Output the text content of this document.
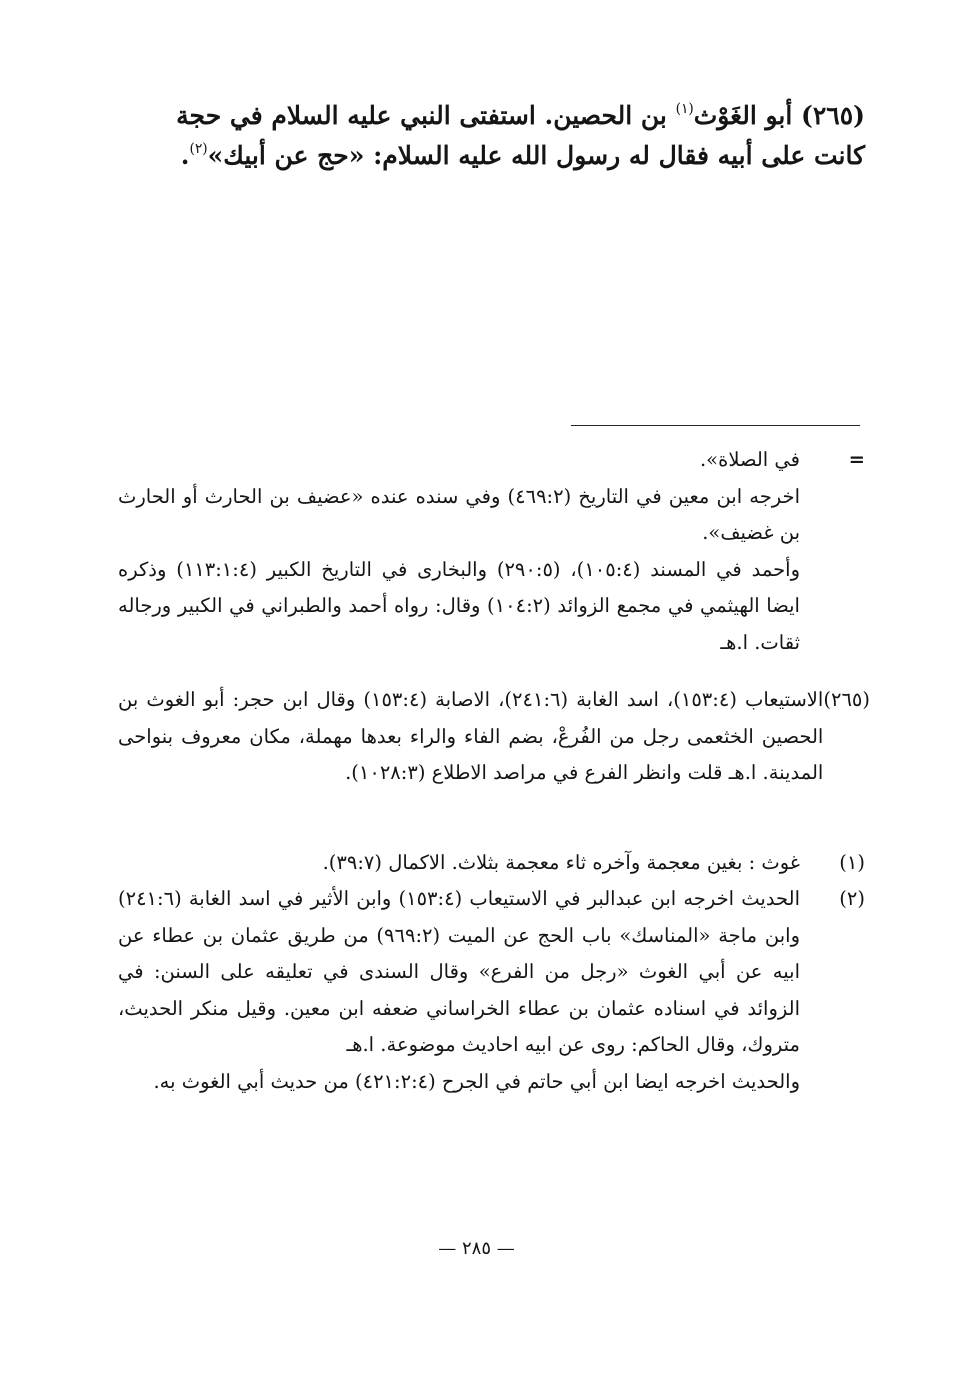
(٢٦٥) أبو الغَوْث$^{(١)}$ بن الحصين. استفتى النبي عليه السلام في حجة

كانت على أبيه فقال له رسول الله عليه السلام: «حج عن أبيك»$^{(٢)}$.

=
في الصلاة».
اخرجه ابن معين في التاريخ (٤٦٩:٢) وفي سنده عنده «عضيف بن الحارث أو الحارث بن غضيف».
وأحمد في المسند (١٠٥:٤)، (٢٩٠:٥) والبخارى في التاريخ الكبير (١١٣:١:٤) وذكره ايضا الهيثمي في مجمع الزوائد (١٠٤:٢) وقال: رواه أحمد والطبراني في الكبير ورجاله ثقات. ا.هـ
(٢٦٥)
الاستيعاب (١٥٣:٤)، اسد الغابة (٢٤١:٦)، الاصابة (١٥٣:٤) وقال ابن حجر: أبو الغوث بن الحصين الخثعمى رجل من الفُرعْ، بضم الفاء والراء بعدها مهملة، مكان معروف بنواحى المدينة. ا.هـ قلت وانظر الفرع في مراصد الاطلاع (١٠٢٨:٣).
(١)
غوث : بغين معجمة وآخره ثاء معجمة بثلاث. الاكمال (٣٩:٧).
(٢)
الحديث اخرجه ابن عبدالبر في الاستيعاب (١٥٣:٤) وابن الأثير في اسد الغابة (٢٤١:٦) وابن ماجة «المناسك» باب الحج عن الميت (٩٦٩:٢) من طريق عثمان بن عطاء عن ابيه عن أبي الغوث «رجل من الفرع» وقال السندى في تعليقه على السنن: في الزوائد في اسناده عثمان بن عطاء الخراساني ضعفه ابن معين. وقيل منكر الحديث، متروك، وقال الحاكم: روى عن ابيه احاديث موضوعة. ا.هـ
والحديث اخرجه ايضا ابن أبي حاتم في الجرح (٤٢١:٢:٤) من حديث أبي الغوث به.
— ٢٨٥ —
